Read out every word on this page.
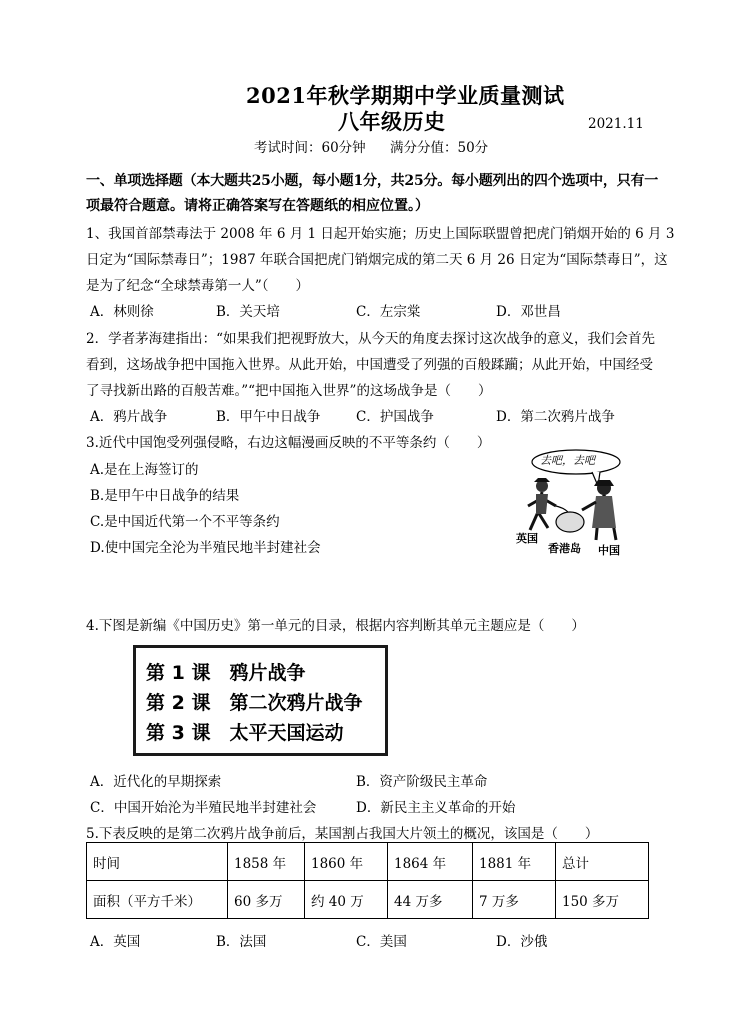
2021年秋学期期中学业质量测试
八年级历史	2021.11
考试时间：60分钟 满分分值：50分
一、单项选择题（本大题共25小题，每小题1分，共25分。每小题列出的四个选项中，只有一
项最符合题意。请将正确答案写在答题纸的相应位置。）
1、我国首部禁毒法于 2008 年 6 月 1 日起开始实施；历史上国际联盟曾把虎门销烟开始的 6 月 3
日定为“国际禁毒日”；1987 年联合国把虎门销烟完成的第二天 6 月 26 日定为“国际禁毒日”，这
是为了纪念“全球禁毒第一人”（　　）
A．林则徐	B．关天培	C．左宗棠	D．邓世昌
2．学者茅海建指出：“如果我们把视野放大，从今天的角度去探讨这次战争的意义，我们会首先
看到，这场战争把中国拖入世界。从此开始，中国遭受了列强的百般蹂躏；从此开始，中国经受
了寻找新出路的百般苦难。”“把中国拖入世界”的这场战争是（　　）
A．鸦片战争	B．甲午中日战争	C．护国战争	D．第二次鸦片战争
3.近代中国饱受列强侵略，右边这幅漫画反映的不平等条约（　　）
A.是在上海签订的
B.是甲午中日战争的结果
C.是中国近代第一个不平等条约
D.使中国完全沦为半殖民地半封建社会
去吧，去吧
英国
香港岛 中国
4.下图是新编《中国历史》第一单元的目录，根据内容判断其单元主题应是（　　）
第 1 课　鸦片战争
第 2 课　第二次鸦片战争
第 3 课　太平天国运动
A．近代化的早期探索	B．资产阶级民主革命
C．中国开始沦为半殖民地半封建社会	D．新民主主义革命的开始
5.下表反映的是第二次鸦片战争前后，某国割占我国大片领土的概况，该国是（　　）
时间	1858 年	1860 年	1864 年	1881 年	总计
面积（平方千米）	60 多万	约 40 万	44 万多	7 万多	150 多万
A．英国	B．法国	C．美国	D．沙俄
